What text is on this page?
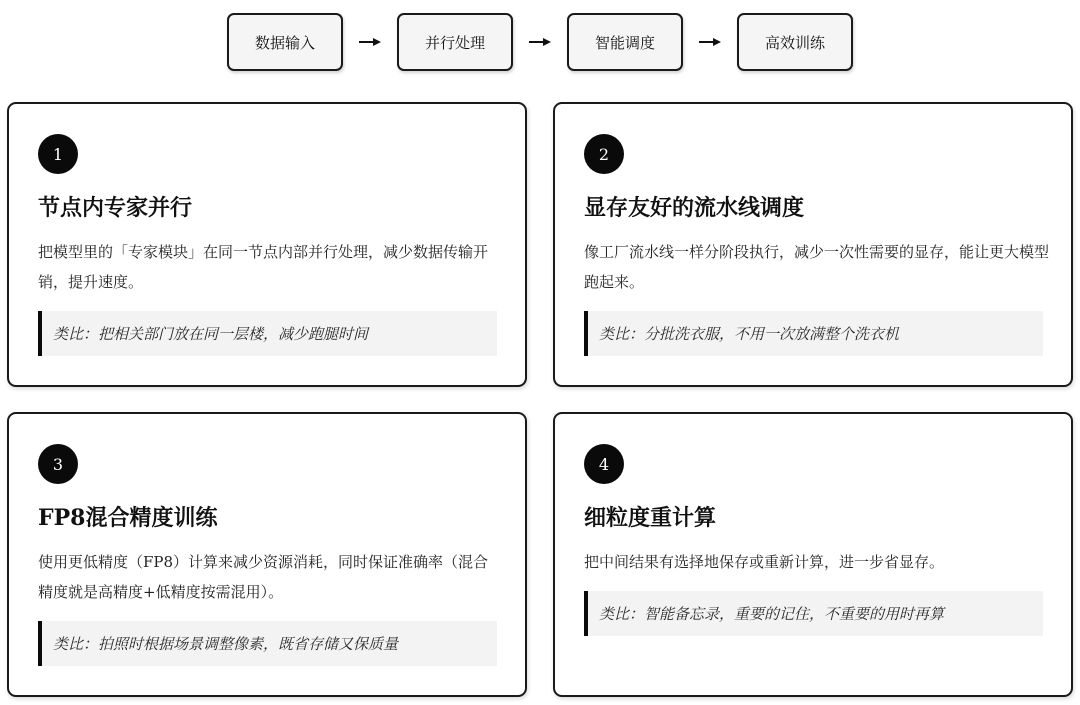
数据输入	并行处理	智能调度	高效训练
1
节点内专家并行
把模型里的「专家模块」在同一节点内部并行处理，减少数据传输开销，提升速度。
类比：把相关部门放在同一层楼，减少跑腿时间
2
显存友好的流水线调度
像工厂流水线一样分阶段执行，减少一次性需要的显存，能让更大模型跑起来。
类比：分批洗衣服，不用一次放满整个洗衣机
3
FP8混合精度训练
使用更低精度（FP8）计算来减少资源消耗，同时保证准确率（混合精度就是高精度+低精度按需混用）。
类比：拍照时根据场景调整像素，既省存储又保质量
4
细粒度重计算
把中间结果有选择地保存或重新计算，进一步省显存。
类比：智能备忘录，重要的记住，不重要的用时再算
